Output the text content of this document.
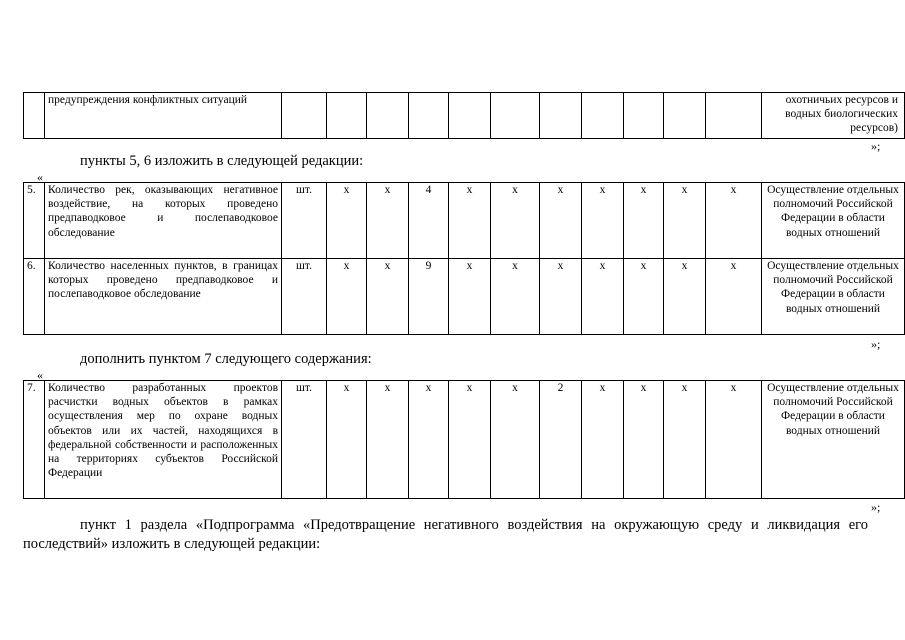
	предупреждения конфликтных ситуаций												охотничьих ресурсов и водных биологических ресурсов)
»;
пункты 5, 6 изложить в следующей редакции:
«
5.	Количество рек, оказывающих негативное воздействие, на которых проведено предпаводковое и послепаводковое обследование	шт.	x	x	4	x	x	x	x	x	x	x	Осуществление отдельных полномочий Российской Федерации в области водных отношений
6.	Количество населенных пунктов, в границах которых проведено предпаводковое и послепаводковое обследование	шт.	x	x	9	x	x	x	x	x	x	x	Осуществление отдельных полномочий Российской Федерации в области водных отношений
»;
дополнить пунктом 7 следующего содержания:
«
7.	Количество разработанных проектов расчистки водных объектов в рамках осуществления мер по охране водных объектов или их частей, находящихся в федеральной собственности и расположенных на территориях субъектов Российской Федерации	шт.	x	x	x	x	x	2	x	x	x	x	Осуществление отдельных полномочий Российской Федерации в области водных отношений
»;
пункт 1 раздела «Подпрограмма «Предотвращение негативного воздействия на окружающую среду и ликвидация его последствий» изложить в следующей редакции:
